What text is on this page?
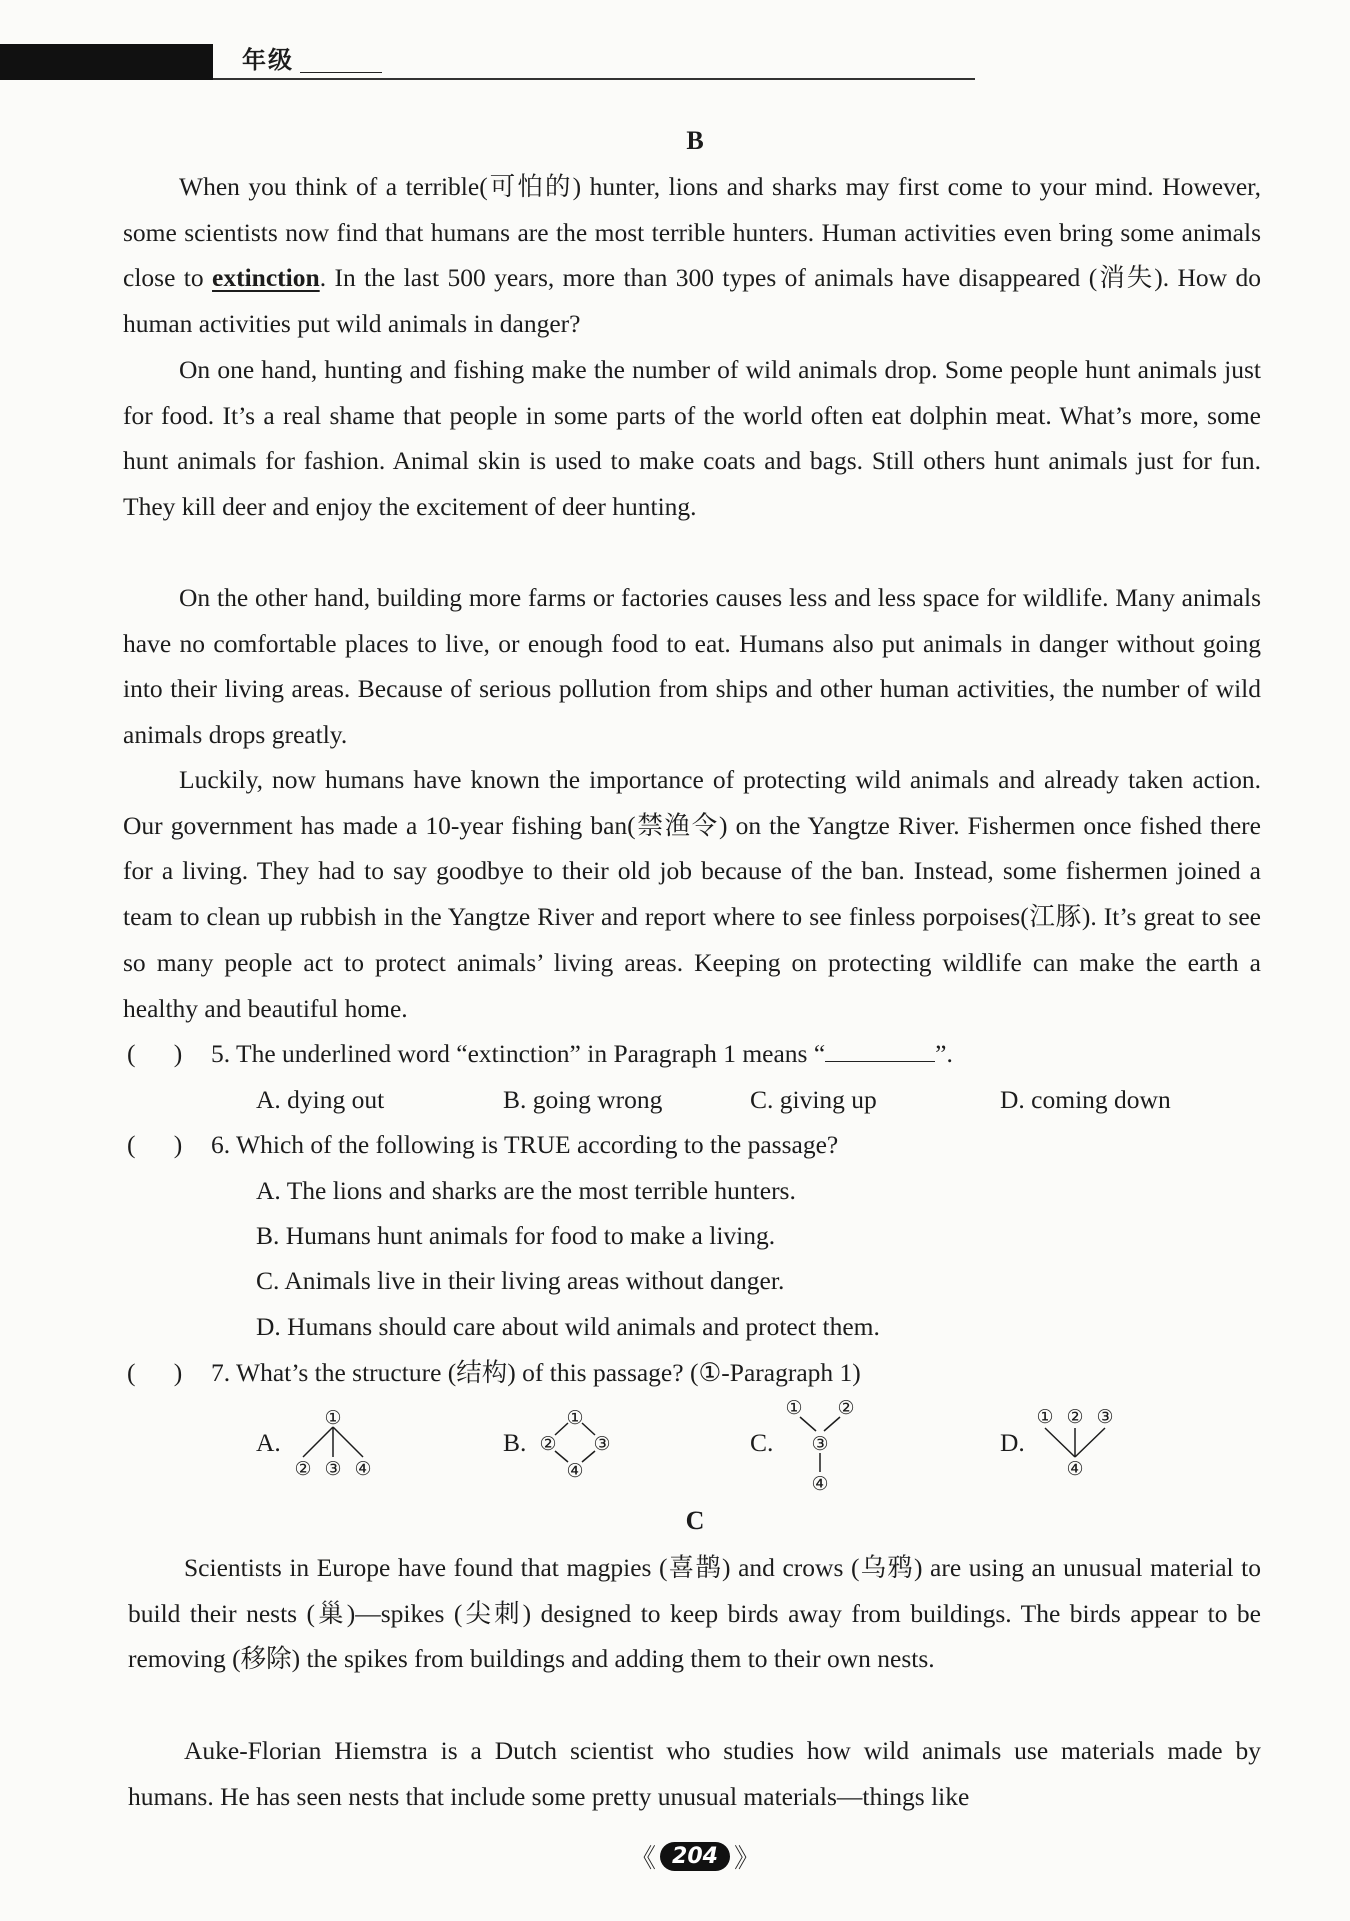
年级
B

When you think of a terrible(可怕的) hunter, lions and sharks may first come to your mind. However, some scientists now find that humans are the most terrible hunters. Human activities even bring some animals close to extinction. In the last 500 years, more than 300 types of animals have disappeared (消失). How do human activities put wild animals in danger?

On one hand, hunting and fishing make the number of wild animals drop. Some people hunt animals just for food. It’s a real shame that people in some parts of the world often eat dolphin meat. What’s more, some hunt animals for fashion. Animal skin is used to make coats and bags. Still others hunt animals just for fun. They kill deer and enjoy the excitement of deer hunting.

On the other hand, building more farms or factories causes less and less space for wildlife. Many animals have no comfortable places to live, or enough food to eat. Humans also put animals in danger without going into their living areas. Because of serious pollution from ships and other human activities, the number of wild animals drops greatly.

Luckily, now humans have known the importance of protecting wild animals and already taken action. Our government has made a 10-year fishing ban(禁渔令) on the Yangtze River. Fishermen once fished there for a living. They had to say goodbye to their old job because of the ban. Instead, some fishermen joined a team to clean up rubbish in the Yangtze River and report where to see finless porpoises(江豚). It’s great to see so many people act to protect animals’ living areas. Keeping on protecting wildlife can make the earth a healthy and beautiful home.

(      ) 5. The underlined word “extinction” in Paragraph 1 means “	”.
A. dying out	B. going wrong	C. giving up	D. coming down
(      ) 6. Which of the following is TRUE according to the passage?
A. The lions and sharks are the most terrible hunters.
B. Humans hunt animals for food to make a living.
C. Animals live in their living areas without danger.
D. Humans should care about wild animals and protect them.
(      ) 7. What’s the structure (结构) of this passage? (①-Paragraph 1)
A.
①
② ③ ④
B.
①
② ③
④
C.
① ②
③
④
D.
① ② ③
④
C

Scientists in Europe have found that magpies (喜鹊) and crows (乌鸦) are using an unusual material to build their nests (巢)—spikes (尖刺) designed to keep birds away from buildings. The birds appear to be removing (移除) the spikes from buildings and adding them to their own nests.

Auke-Florian Hiemstra is a Dutch scientist who studies how wild animals use materials made by humans. He has seen nests that include some pretty unusual materials—things like

《 204 》
